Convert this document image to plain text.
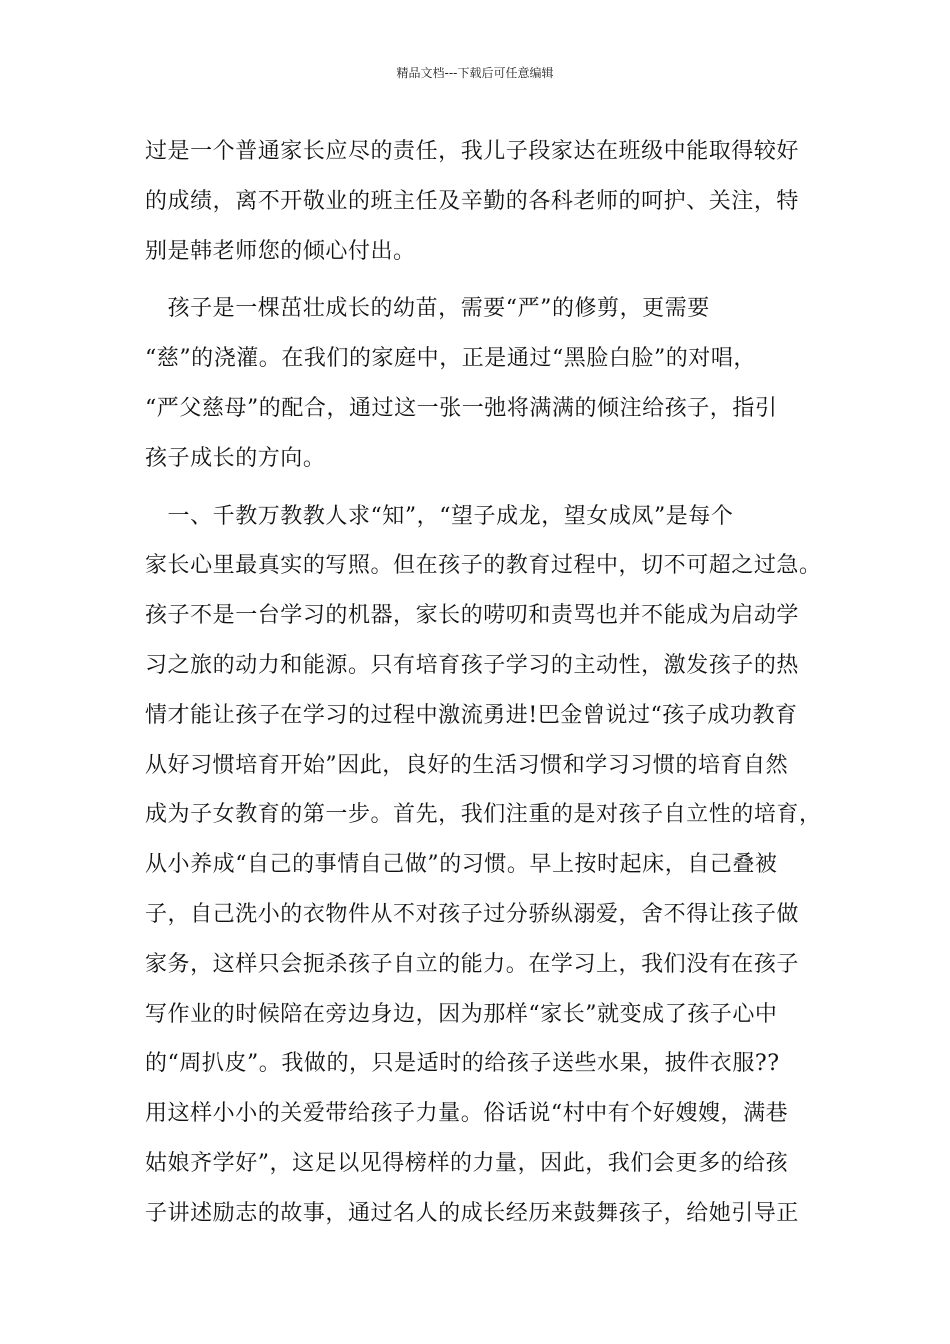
精品文档---下载后可任意编辑
过是一个普通家长应尽的责任，我儿子段家达在班级中能取得较好
的成绩，离不开敬业的班主任及辛勤的各科老师的呵护、关注，特
别是韩老师您的倾心付出。
　孩子是一棵茁壮成长的幼苗，需要“严”的修剪，更需要
“慈”的浇灌。在我们的家庭中，正是通过“黑脸白脸”的对唱，
“严父慈母”的配合，通过这一张一弛将满满的倾注给孩子，指引
孩子成长的方向。
　一、千教万教教人求“知”，“望子成龙，望女成凤”是每个
家长心里最真实的写照。但在孩子的教育过程中，切不可超之过急。
孩子不是一台学习的机器，家长的唠叨和责骂也并不能成为启动学
习之旅的动力和能源。只有培育孩子学习的主动性，激发孩子的热
情才能让孩子在学习的过程中激流勇进!巴金曾说过“孩子成功教育
从好习惯培育开始”因此，良好的生活习惯和学习习惯的培育自然
成为子女教育的第一步。首先，我们注重的是对孩子自立性的培育，
从小养成“自己的事情自己做”的习惯。早上按时起床，自己叠被
子，自己洗小的衣物件从不对孩子过分骄纵溺爱，舍不得让孩子做
家务，这样只会扼杀孩子自立的能力。在学习上，我们没有在孩子
写作业的时候陪在旁边身边，因为那样“家长”就变成了孩子心中
的“周扒皮”。我做的，只是适时的给孩子送些水果，披件衣服??
用这样小小的关爱带给孩子力量。俗话说“村中有个好嫂嫂，满巷
姑娘齐学好”，这足以见得榜样的力量，因此，我们会更多的给孩
子讲述励志的故事，通过名人的成长经历来鼓舞孩子，给她引导正
